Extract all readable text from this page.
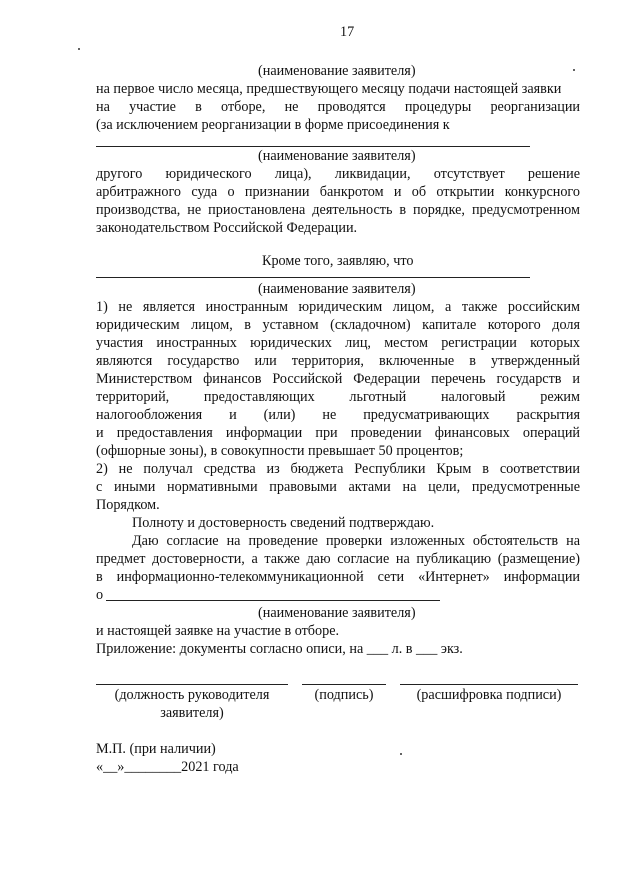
17
(наименование заявителя)
на первое число месяца, предшествующего месяцу подачи настоящей заявки
на участие в отборе, не проводятся процедуры реорганизации
(за исключением реорганизации в форме присоединения к
(наименование заявителя)
другого юридического лица), ликвидации, отсутствует решение
арбитражного суда о признании банкротом и об открытии конкурсного
производства, не приостановлена деятельность в порядке, предусмотренном
законодательством Российской Федерации.
Кроме того, заявляю, что
(наименование заявителя)
1) не является иностранным юридическим лицом, а также российским
юридическим лицом, в уставном (складочном) капитале которого доля
участия иностранных юридических лиц, местом регистрации которых
являются государство или территория, включенные в утвержденный
Министерством финансов Российской Федерации перечень государств и
территорий, предоставляющих льготный налоговый режим
налогообложения и (или) не предусматривающих раскрытия
и предоставления информации при проведении финансовых операций
(офшорные зоны), в совокупности превышает 50 процентов;
2) не получал средства из бюджета Республики Крым в соответствии
с иными нормативными правовыми актами на цели, предусмотренные
Порядком.
Полноту и достоверность сведений подтверждаю.
Даю согласие на проведение проверки изложенных обстоятельств на
предмет достоверности, а также даю согласие на публикацию (размещение)
в информационно-телекоммуникационной сети «Интернет» информации
о
(наименование заявителя)
и настоящей заявке на участие в отборе.
Приложение: документы согласно описи, на ___ л. в ___ экз.
(должность руководителя
заявителя)
(подпись)	(расшифровка подписи)
М.П. (при наличии)
«__»________2021 года
